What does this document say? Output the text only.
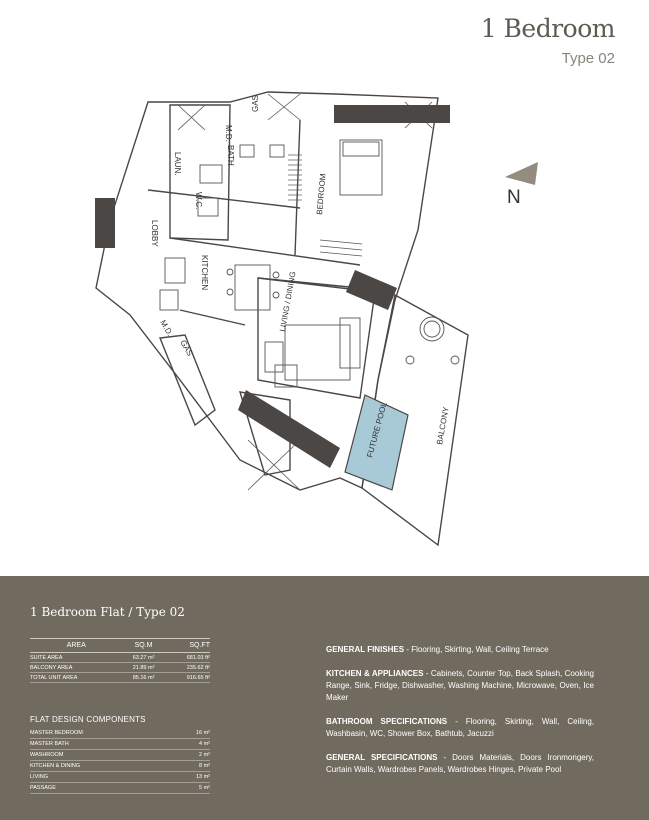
1 Bedroom
Type 02
N
M.D.
GAS
LAUN.	BATH
W.C.
LOBBY
KITCHEN
BEDROOM
LIVING / DINING
M.D.
GAS
FUTURE POOL	BALCONY
1 Bedroom Flat / Type 02
AREA	SQ.M	SQ.FT
SUITE AREA	63.27 m²	681.03 ft²
BALCONY AREA	21.89 m²	235.62 ft²
TOTAL UNIT AREA	85.16 m²	916.65 ft²
FLAT DESIGN COMPONENTS
MASTER BEDROOM	16 m²
MASTER BATH	4 m²
WASHROOM	2 m²
KITCHEN & DINING	8 m²
LIVING	13 m²
PASSAGE	5 m²
GENERAL FINISHES - Flooring, Skirting, Wall, Ceiling Terrace
KITCHEN & APPLIANCES - Cabinets, Counter Top, Back Splash, Cooking Range, Sink, Fridge, Dishwasher, Washing Machine, Microwave, Oven, Ice Maker
BATHROOM SPECIFICATIONS - Flooring, Skirting, Wall, Ceiling, Washbasin, WC, Shower Box, Bathtub, Jacuzzi
GENERAL SPECIFICATIONS - Doors Materials, Doors Ironmongery, Curtain Walls, Wardrobes Panels, Wardrobes Hinges, Private Pool
